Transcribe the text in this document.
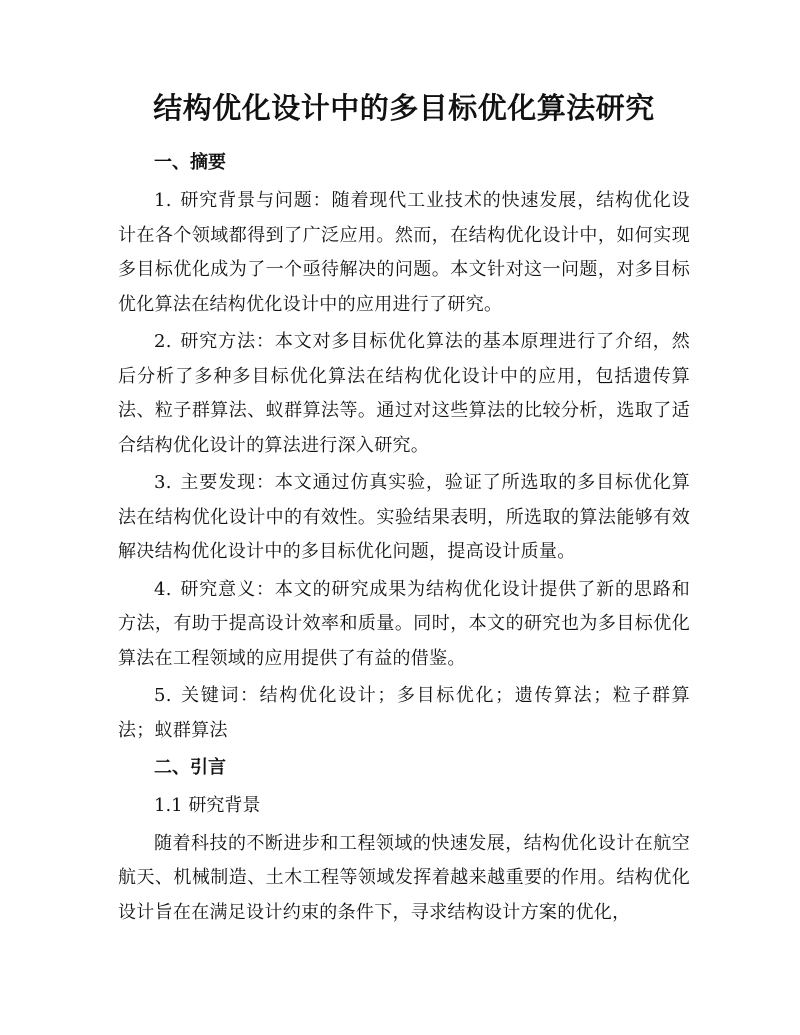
结构优化设计中的多目标优化算法研究
一、摘要

1. 研究背景与问题：随着现代工业技术的快速发展，结构优化设计在各个领域都得到了广泛应用。然而，在结构优化设计中，如何实现多目标优化成为了一个亟待解决的问题。本文针对这一问题，对多目标优化算法在结构优化设计中的应用进行了研究。

2. 研究方法：本文对多目标优化算法的基本原理进行了介绍，然后分析了多种多目标优化算法在结构优化设计中的应用，包括遗传算法、粒子群算法、蚁群算法等。通过对这些算法的比较分析，选取了适合结构优化设计的算法进行深入研究。

3. 主要发现：本文通过仿真实验，验证了所选取的多目标优化算法在结构优化设计中的有效性。实验结果表明，所选取的算法能够有效解决结构优化设计中的多目标优化问题，提高设计质量。

4. 研究意义：本文的研究成果为结构优化设计提供了新的思路和方法，有助于提高设计效率和质量。同时，本文的研究也为多目标优化算法在工程领域的应用提供了有益的借鉴。

5. 关键词：结构优化设计；多目标优化；遗传算法；粒子群算法；蚁群算法

二、引言
1.1 研究背景

随着科技的不断进步和工程领域的快速发展，结构优化设计在航空航天、机械制造、土木工程等领域发挥着越来越重要的作用。结构优化设计旨在在满足设计约束的条件下，寻求结构设计方案的优化，
